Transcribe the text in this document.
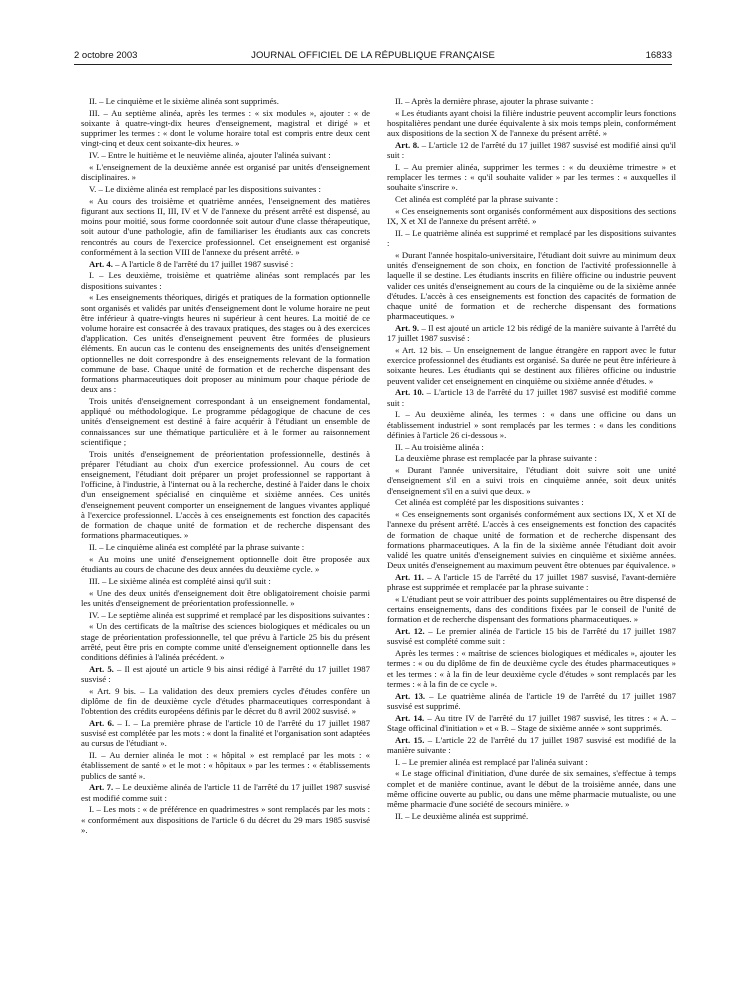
2 octobre 2003	JOURNAL OFFICIEL DE LA RÉPUBLIQUE FRANÇAISE	16833

II. – Le cinquième et le sixième alinéa sont supprimés.

III. – Au septième alinéa, après les termes : « six modules », ajouter : « de soixante à quatre-vingt-dix heures d'enseignement, magistral et dirigé » et supprimer les termes : « dont le volume horaire total est compris entre deux cent vingt-cinq et deux cent soixante-dix heures. »

IV. – Entre le huitième et le neuvième alinéa, ajouter l'alinéa suivant :

« L'enseignement de la deuxième année est organisé par unités d'enseignement disciplinaires. »

V. – Le dixième alinéa est remplacé par les dispositions suivantes :

« Au cours des troisième et quatrième années, l'enseignement des matières figurant aux sections II, III, IV et V de l'annexe du présent arrêté est dispensé, au moins pour moitié, sous forme coordonnée soit autour d'une classe thérapeutique, soit autour d'une pathologie, afin de familiariser les étudiants aux cas concrets rencontrés au cours de l'exercice professionnel. Cet enseignement est organisé conformément à la section VIII de l'annexe du présent arrêté. »

Art. 4. – A l'article 8 de l'arrêté du 17 juillet 1987 susvisé :

I. – Les deuxième, troisième et quatrième alinéas sont remplacés par les dispositions suivantes :

« Les enseignements théoriques, dirigés et pratiques de la formation optionnelle sont organisés et validés par unités d'enseignement dont le volume horaire ne peut être inférieur à quatre-vingts heures ni supérieur à cent heures. La moitié de ce volume horaire est consacrée à des travaux pratiques, des stages ou à des exercices d'application. Ces unités d'enseignement peuvent être formées de plusieurs éléments. En aucun cas le contenu des enseignements des unités d'enseignement optionnelles ne doit correspondre à des enseignements relevant de la formation commune de base. Chaque unité de formation et de recherche dispensant des formations pharmaceutiques doit proposer au minimum pour chaque période de deux ans :

Trois unités d'enseignement correspondant à un enseignement fondamental, appliqué ou méthodologique. Le programme pédagogique de chacune de ces unités d'enseignement est destiné à faire acquérir à l'étudiant un ensemble de connaissances sur une thématique particulière et à le former au raisonnement scientifique ;

Trois unités d'enseignement de préorientation professionnelle, destinés à préparer l'étudiant au choix d'un exercice professionnel. Au cours de cet enseignement, l'étudiant doit préparer un projet professionnel se rapportant à l'officine, à l'industrie, à l'internat ou à la recherche, destiné à l'aider dans le choix d'un enseignement spécialisé en cinquième et sixième années. Ces unités d'enseignement peuvent comporter un enseignement de langues vivantes appliqué à l'exercice professionnel. L'accès à ces enseignements est fonction des capacités de formation de chaque unité de formation et de recherche dispensant des formations pharmaceutiques. »

II. – Le cinquième alinéa est complété par la phrase suivante :

« Au moins une unité d'enseignement optionnelle doit être proposée aux étudiants au cours de chacune des deux années du deuxième cycle. »

III. – Le sixième alinéa est complété ainsi qu'il suit :

« Une des deux unités d'enseignement doit être obligatoirement choisie parmi les unités d'enseignement de préorientation professionnelle. »

IV. – Le septième alinéa est supprimé et remplacé par les dispositions suivantes :

« Un des certificats de la maîtrise des sciences biologiques et médicales ou un stage de préorientation professionnelle, tel que prévu à l'article 25 bis du présent arrêté, peut être pris en compte comme unité d'enseignement optionnelle dans les conditions définies à l'alinéa précédent. »

Art. 5. – Il est ajouté un article 9 bis ainsi rédigé à l'arrêté du 17 juillet 1987 susvisé :

« Art. 9 bis. – La validation des deux premiers cycles d'études confère un diplôme de fin de deuxième cycle d'études pharmaceutiques correspondant à l'obtention des crédits européens définis par le décret du 8 avril 2002 susvisé. »

Art. 6. – I. – La première phrase de l'article 10 de l'arrêté du 17 juillet 1987 susvisé est complétée par les mots : « dont la finalité et l'organisation sont adaptées au cursus de l'étudiant ».

II. – Au dernier alinéa le mot : « hôpital » est remplacé par les mots : « établissement de santé » et le mot : « hôpitaux » par les termes : « établissements publics de santé ».

Art. 7. – Le deuxième alinéa de l'article 11 de l'arrêté du 17 juillet 1987 susvisé est modifié comme suit :

I. – Les mots : « de préférence en quadrimestres » sont remplacés par les mots : « conformément aux dispositions de l'article 6 du décret du 29 mars 1985 susvisé ».

II. – Après la dernière phrase, ajouter la phrase suivante :

« Les étudiants ayant choisi la filière industrie peuvent accomplir leurs fonctions hospitalières pendant une durée équivalente à six mois temps plein, conformément aux dispositions de la section X de l'annexe du présent arrêté. »

Art. 8. – L'article 12 de l'arrêté du 17 juillet 1987 susvisé est modifié ainsi qu'il suit :

I. – Au premier alinéa, supprimer les termes : « du deuxième trimestre » et remplacer les termes : « qu'il souhaite valider » par les termes : « auxquelles il souhaite s'inscrire ».

Cet alinéa est complété par la phrase suivante :

« Ces enseignements sont organisés conformément aux dispositions des sections IX, X et XI de l'annexe du présent arrêté. »

II. – Le quatrième alinéa est supprimé et remplacé par les dispositions suivantes :

« Durant l'année hospitalo-universitaire, l'étudiant doit suivre au minimum deux unités d'enseignement de son choix, en fonction de l'activité professionnelle à laquelle il se destine. Les étudiants inscrits en filière officine ou industrie peuvent valider ces unités d'enseignement au cours de la cinquième ou de la sixième année d'études. L'accès à ces enseignements est fonction des capacités de formation de chaque unité de formation et de recherche dispensant des formations pharmaceutiques. »

Art. 9. – Il est ajouté un article 12 bis rédigé de la manière suivante à l'arrêté du 17 juillet 1987 susvisé :

« Art. 12 bis. – Un enseignement de langue étrangère en rapport avec le futur exercice professionnel des étudiants est organisé. Sa durée ne peut être inférieure à soixante heures. Les étudiants qui se destinent aux filières officine ou industrie peuvent valider cet enseignement en cinquième ou sixième année d'études. »

Art. 10. – L'article 13 de l'arrêté du 17 juillet 1987 susvisé est modifié comme suit :

I. – Au deuxième alinéa, les termes : « dans une officine ou dans un établissement industriel » sont remplacés par les termes : « dans les conditions définies à l'article 26 ci-dessous ».

II. – Au troisième alinéa :

La deuxième phrase est remplacée par la phrase suivante :

« Durant l'année universitaire, l'étudiant doit suivre soit une unité d'enseignement s'il en a suivi trois en cinquième année, soit deux unités d'enseignement s'il en a suivi que deux. »

Cet alinéa est complété par les dispositions suivantes :

« Ces enseignements sont organisés conformément aux sections IX, X et XI de l'annexe du présent arrêté. L'accès à ces enseignements est fonction des capacités de formation de chaque unité de formation et de recherche dispensant des formations pharmaceutiques. A la fin de la sixième année l'étudiant doit avoir validé les quatre unités d'enseignement suivies en cinquième et sixième années. Deux unités d'enseignement au maximum peuvent être obtenues par équivalence. »

Art. 11. – A l'article 15 de l'arrêté du 17 juillet 1987 susvisé, l'avant-dernière phrase est supprimée et remplacée par la phrase suivante :

« L'étudiant peut se voir attribuer des points supplémentaires ou être dispensé de certains enseignements, dans des conditions fixées par le conseil de l'unité de formation et de recherche dispensant des formations pharmaceutiques. »

Art. 12. – Le premier alinéa de l'article 15 bis de l'arrêté du 17 juillet 1987 susvisé est complété comme suit :

Après les termes : « maîtrise de sciences biologiques et médicales », ajouter les termes : « ou du diplôme de fin de deuxième cycle des études pharmaceutiques » et les termes : « à la fin de leur deuxième cycle d'études » sont remplacés par les termes : « à la fin de ce cycle ».

Art. 13. – Le quatrième alinéa de l'article 19 de l'arrêté du 17 juillet 1987 susvisé est supprimé.

Art. 14. – Au titre IV de l'arrêté du 17 juillet 1987 susvisé, les titres : « A. – Stage officinal d'initiation » et « B. – Stage de sixième année » sont supprimés.

Art. 15. – L'article 22 de l'arrêté du 17 juillet 1987 susvisé est modifié de la manière suivante :

I. – Le premier alinéa est remplacé par l'alinéa suivant :

« Le stage officinal d'initiation, d'une durée de six semaines, s'effectue à temps complet et de manière continue, avant le début de la troisième année, dans une même officine ouverte au public, ou dans une même pharmacie mutualiste, ou une même pharmacie d'une société de secours minière. »

II. – Le deuxième alinéa est supprimé.
